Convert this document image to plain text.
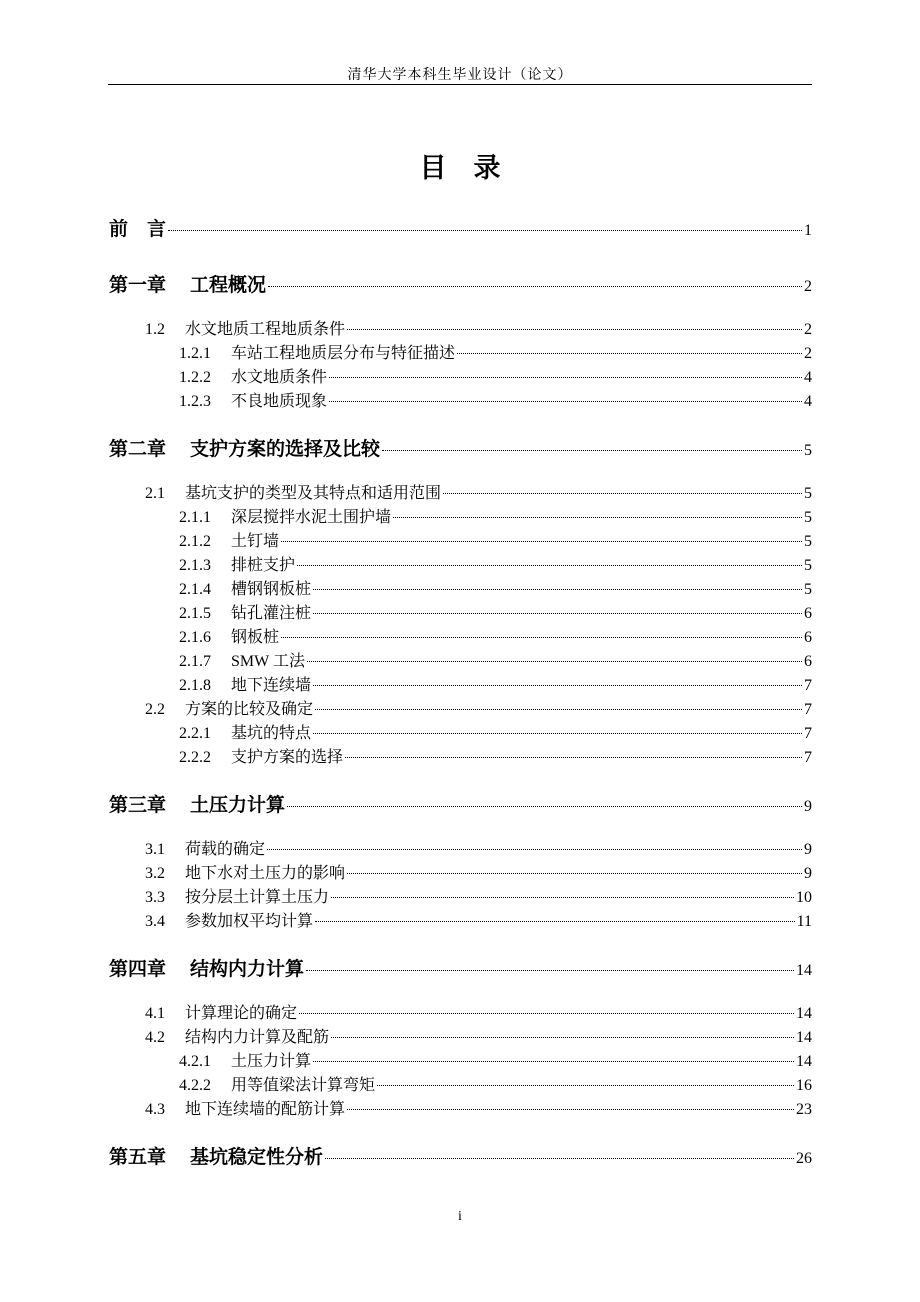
清华大学本科生毕业设计（论文）
目　录
前　言	1
第一章 工程概况	2
1.2 水文地质工程地质条件	2
1.2.1 车站工程地质层分布与特征描述	2
1.2.2 水文地质条件	4
1.2.3 不良地质现象	4
第二章 支护方案的选择及比较	5
2.1 基坑支护的类型及其特点和适用范围	5
2.1.1 深层搅拌水泥土围护墙	5
2.1.2 土钉墙	5
2.1.3 排桩支护	5
2.1.4 槽钢钢板桩	5
2.1.5 钻孔灌注桩	6
2.1.6 钢板桩	6
2.1.7 SMW 工法	6
2.1.8 地下连续墙	7
2.2 方案的比较及确定	7
2.2.1 基坑的特点	7
2.2.2 支护方案的选择	7
第三章 土压力计算	9
3.1 荷载的确定	9
3.2 地下水对土压力的影响	9
3.3 按分层土计算土压力	10
3.4 参数加权平均计算	11
第四章 结构内力计算	14
4.1 计算理论的确定	14
4.2 结构内力计算及配筋	14
4.2.1 土压力计算	14
4.2.2 用等值梁法计算弯矩	16
4.3 地下连续墙的配筋计算	23
第五章 基坑稳定性分析	26
i
